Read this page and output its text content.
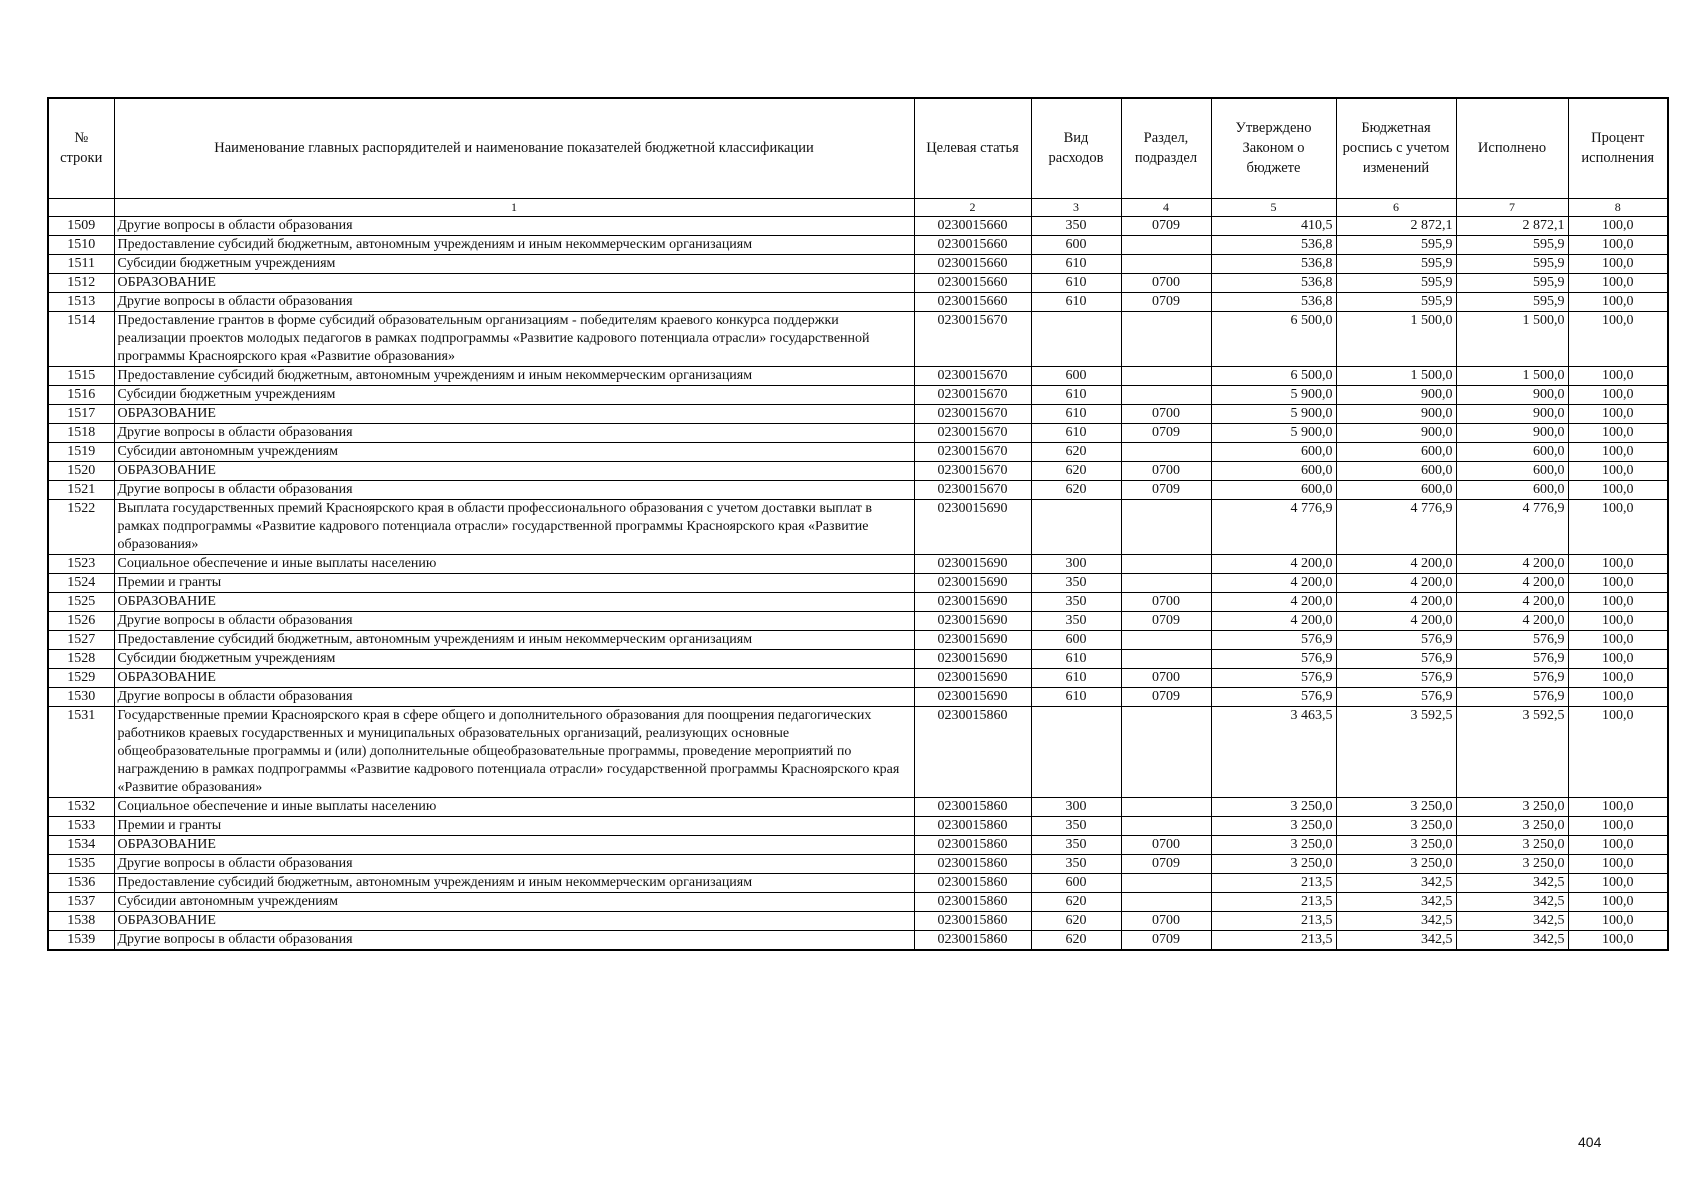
№ строки	Наименование главных распорядителей и наименование показателей бюджетной классификации	Целевая статья	Вид расходов	Раздел, подраздел	Утверждено Законом о бюджете	Бюджетная роспись с учетом изменений	Исполнено	Процент исполнения
	1	2	3	4	5	6	7	8
1509	Другие вопросы в области образования	0230015660	350	0709	410,5	2 872,1	2 872,1	100,0
1510	Предоставление субсидий бюджетным, автономным учреждениям и иным некоммерческим организациям	0230015660	600		536,8	595,9	595,9	100,0
1511	Субсидии бюджетным учреждениям	0230015660	610		536,8	595,9	595,9	100,0
1512	ОБРАЗОВАНИЕ	0230015660	610	0700	536,8	595,9	595,9	100,0
1513	Другие вопросы в области образования	0230015660	610	0709	536,8	595,9	595,9	100,0
1514	Предоставление грантов в форме субсидий образовательным организациям - победителям краевого конкурса поддержки реализации проектов молодых педагогов в рамках подпрограммы «Развитие кадрового потенциала отрасли» государственной программы Красноярского края «Развитие образования»	0230015670			6 500,0	1 500,0	1 500,0	100,0
1515	Предоставление субсидий бюджетным, автономным учреждениям и иным некоммерческим организациям	0230015670	600		6 500,0	1 500,0	1 500,0	100,0
1516	Субсидии бюджетным учреждениям	0230015670	610		5 900,0	900,0	900,0	100,0
1517	ОБРАЗОВАНИЕ	0230015670	610	0700	5 900,0	900,0	900,0	100,0
1518	Другие вопросы в области образования	0230015670	610	0709	5 900,0	900,0	900,0	100,0
1519	Субсидии автономным учреждениям	0230015670	620		600,0	600,0	600,0	100,0
1520	ОБРАЗОВАНИЕ	0230015670	620	0700	600,0	600,0	600,0	100,0
1521	Другие вопросы в области образования	0230015670	620	0709	600,0	600,0	600,0	100,0
1522	Выплата государственных премий Красноярского края в области профессионального образования с учетом доставки выплат в рамках подпрограммы «Развитие кадрового потенциала отрасли» государственной программы Красноярского края «Развитие образования»	0230015690			4 776,9	4 776,9	4 776,9	100,0
1523	Социальное обеспечение и иные выплаты населению	0230015690	300		4 200,0	4 200,0	4 200,0	100,0
1524	Премии и гранты	0230015690	350		4 200,0	4 200,0	4 200,0	100,0
1525	ОБРАЗОВАНИЕ	0230015690	350	0700	4 200,0	4 200,0	4 200,0	100,0
1526	Другие вопросы в области образования	0230015690	350	0709	4 200,0	4 200,0	4 200,0	100,0
1527	Предоставление субсидий бюджетным, автономным учреждениям и иным некоммерческим организациям	0230015690	600		576,9	576,9	576,9	100,0
1528	Субсидии бюджетным учреждениям	0230015690	610		576,9	576,9	576,9	100,0
1529	ОБРАЗОВАНИЕ	0230015690	610	0700	576,9	576,9	576,9	100,0
1530	Другие вопросы в области образования	0230015690	610	0709	576,9	576,9	576,9	100,0
1531	Государственные премии Красноярского края в сфере общего и дополнительного образования для поощрения педагогических работников краевых государственных и муниципальных образовательных организаций, реализующих основные общеобразовательные программы и (или) дополнительные общеобразовательные программы, проведение мероприятий по награждению в рамках подпрограммы «Развитие кадрового потенциала отрасли» государственной программы Красноярского края «Развитие образования»	0230015860			3 463,5	3 592,5	3 592,5	100,0
1532	Социальное обеспечение и иные выплаты населению	0230015860	300		3 250,0	3 250,0	3 250,0	100,0
1533	Премии и гранты	0230015860	350		3 250,0	3 250,0	3 250,0	100,0
1534	ОБРАЗОВАНИЕ	0230015860	350	0700	3 250,0	3 250,0	3 250,0	100,0
1535	Другие вопросы в области образования	0230015860	350	0709	3 250,0	3 250,0	3 250,0	100,0
1536	Предоставление субсидий бюджетным, автономным учреждениям и иным некоммерческим организациям	0230015860	600		213,5	342,5	342,5	100,0
1537	Субсидии автономным учреждениям	0230015860	620		213,5	342,5	342,5	100,0
1538	ОБРАЗОВАНИЕ	0230015860	620	0700	213,5	342,5	342,5	100,0
1539	Другие вопросы в области образования	0230015860	620	0709	213,5	342,5	342,5	100,0
404
